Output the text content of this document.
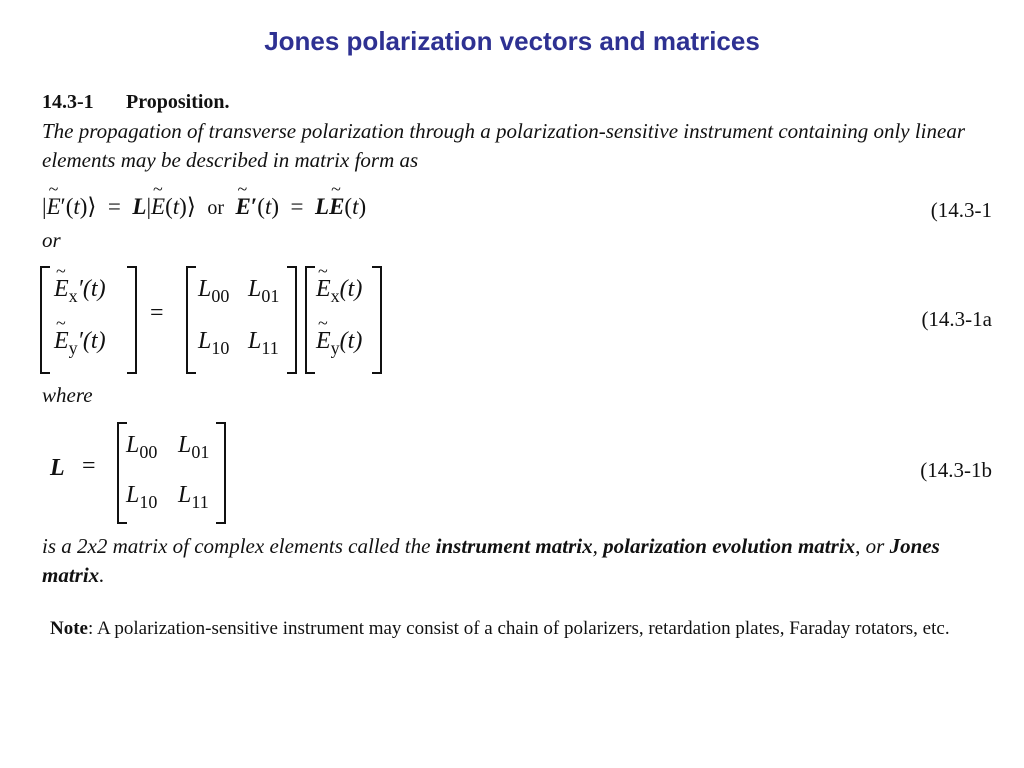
Jones polarization vectors and matrices
14.3-1 Proposition.
The propagation of transverse polarization through a polarization-sensitive instrument containing only linear elements may be described in matrix form as
|~ E′(t)⟩  =  L|~ E(t)⟩  or  ~ E′(t)  =  L~ E(t)	(14.3-1
or
~ $E_x'(t)$
~ $E_y'(t)$
=
$L_{00}$ $L_{01}$
$L_{10}$ $L_{11}$
~ $E_x(t)$
~ $E_y(t)$
(14.3-1a
where
L =
$L_{00}$ $L_{01}$
$L_{10}$ $L_{11}$
(14.3-1b
is a 2x2 matrix of complex elements called the instrument matrix, polarization evolution matrix, or Jones matrix.
Note: A polarization-sensitive instrument may consist of a chain of polarizers, retardation plates, Faraday rotators, etc.
